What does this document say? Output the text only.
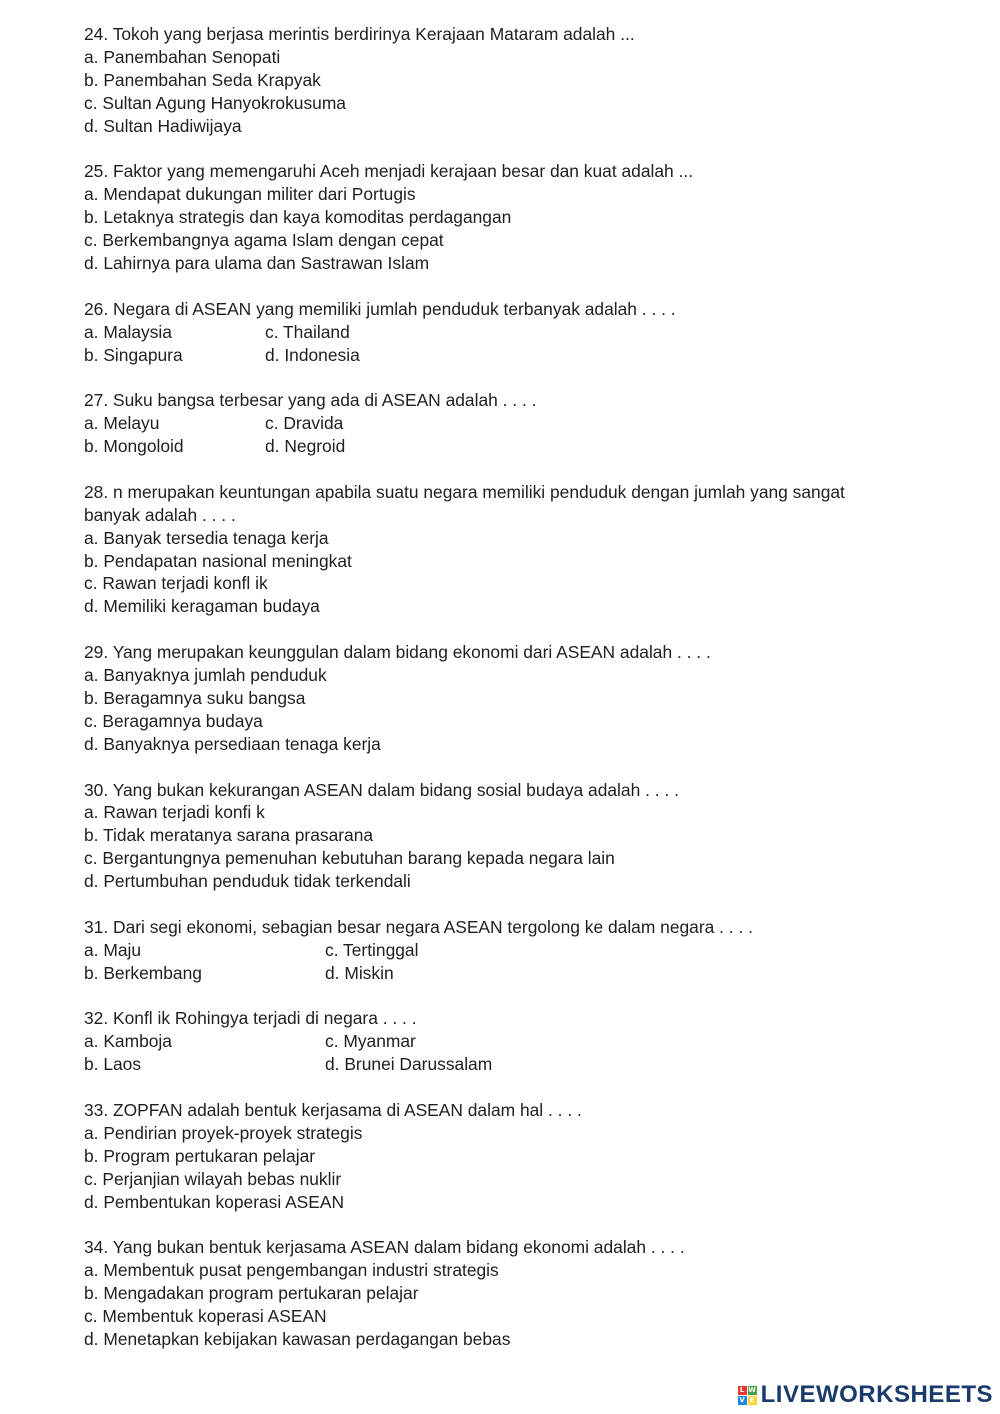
24. Tokoh yang berjasa merintis berdirinya Kerajaan Mataram adalah ...
a. Panembahan Senopati
b. Panembahan Seda Krapyak
c. Sultan Agung Hanyokrokusuma
d. Sultan Hadiwijaya
25. Faktor yang memengaruhi Aceh menjadi kerajaan besar dan kuat adalah ...
a. Mendapat dukungan militer dari Portugis
b. Letaknya strategis dan kaya komoditas perdagangan
c. Berkembangnya agama Islam dengan cepat
d. Lahirnya para ulama dan Sastrawan Islam
26. Negara di ASEAN yang memiliki jumlah penduduk terbanyak adalah . . . .
a. Malaysia	c. Thailand
b. Singapura	d. Indonesia
27. Suku bangsa terbesar yang ada di ASEAN adalah . . . .
a. Melayu	c. Dravida
b. Mongoloid	d. Negroid
28. n merupakan keuntungan apabila suatu negara memiliki penduduk dengan jumlah yang sangat banyak adalah . . . .
a. Banyak tersedia tenaga kerja
b. Pendapatan nasional meningkat
c. Rawan terjadi konfl ik
d. Memiliki keragaman budaya
29. Yang merupakan keunggulan dalam bidang ekonomi dari ASEAN adalah . . . .
a. Banyaknya jumlah penduduk
b. Beragamnya suku bangsa
c. Beragamnya budaya
d. Banyaknya persediaan tenaga kerja
30. Yang bukan kekurangan ASEAN dalam bidang sosial budaya adalah . . . .
a. Rawan terjadi konfi k
b. Tidak meratanya sarana prasarana
c. Bergantungnya pemenuhan kebutuhan barang kepada negara lain
d. Pertumbuhan penduduk tidak terkendali
31. Dari segi ekonomi, sebagian besar negara ASEAN tergolong ke dalam negara . . . .
a. Maju	c. Tertinggal
b. Berkembang	d. Miskin
32. Konfl ik Rohingya terjadi di negara . . . .
a. Kamboja	c. Myanmar
b. Laos	d. Brunei Darussalam
33. ZOPFAN adalah bentuk kerjasama di ASEAN dalam hal . . . .
a. Pendirian proyek-proyek strategis
b. Program pertukaran pelajar
c. Perjanjian wilayah bebas nuklir
d. Pembentukan koperasi ASEAN
34. Yang bukan bentuk kerjasama ASEAN dalam bidang ekonomi adalah . . . .
a. Membentuk pusat pengembangan industri strategis
b. Mengadakan program pertukaran pelajar
c. Membentuk koperasi ASEAN
d. Menetapkan kebijakan kawasan perdagangan bebas
L W
V E LIVEWORKSHEETS
